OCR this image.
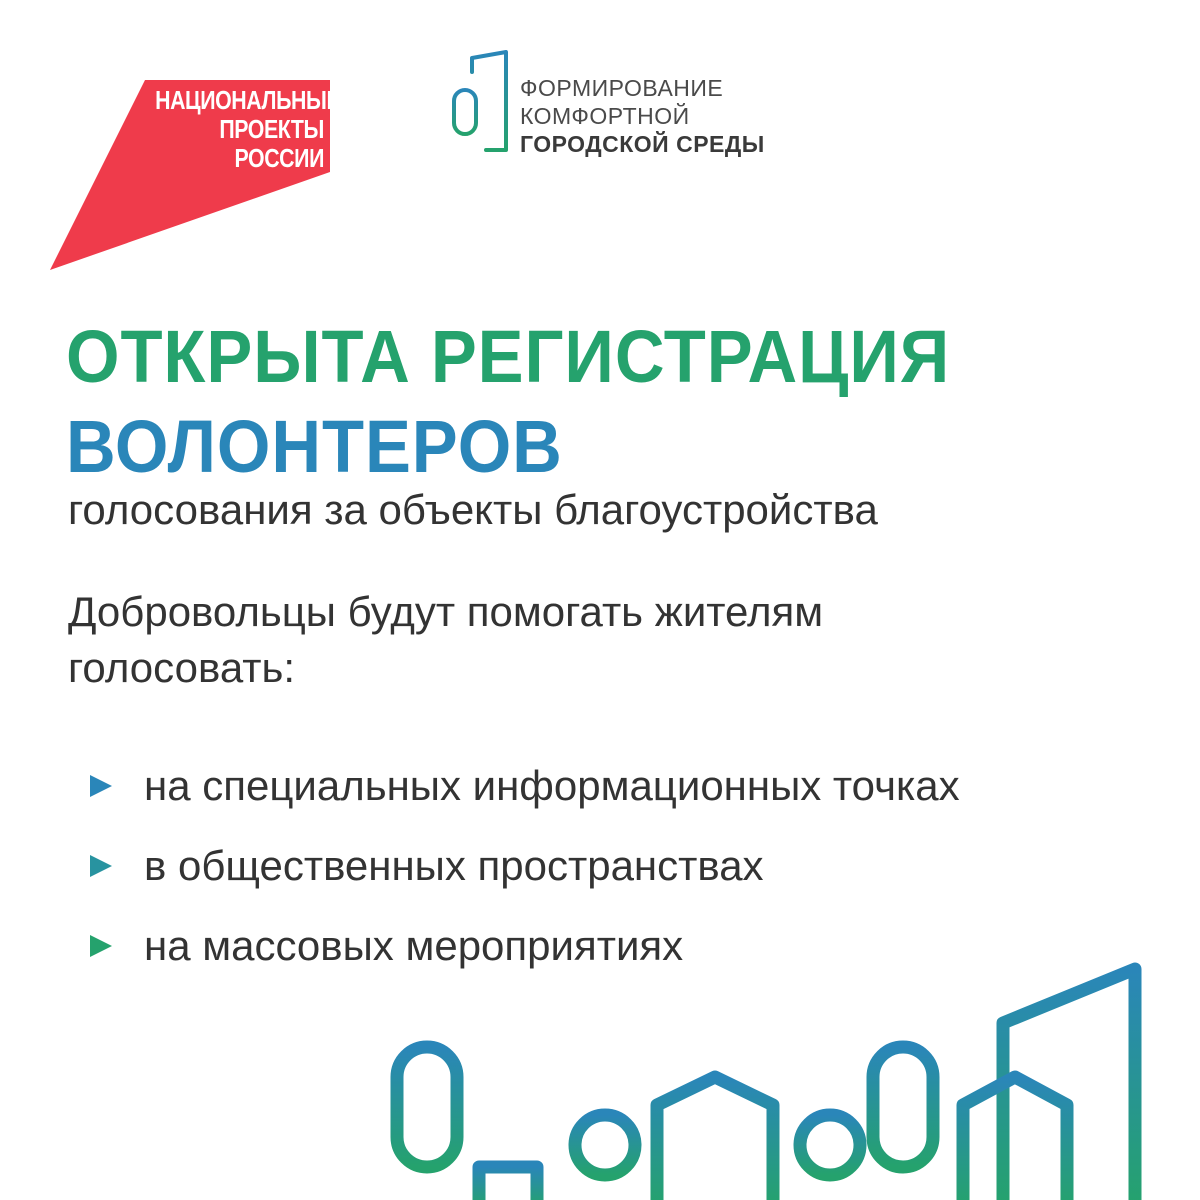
НАЦИОНАЛЬНЫЕ
ПРОЕКТЫ
РОССИИ
ФОРМИРОВАНИЕ
КОМФОРТНОЙ
ГОРОДСКОЙ СРЕДЫ
ОТКРЫТА РЕГИСТРАЦИЯ
ВОЛОНТЕРОВ
голосования за объекты благоустройства
Добровольцы будут помогать жителям
голосовать:
на специальных информационных точках
в общественных пространствах
на массовых мероприятиях
